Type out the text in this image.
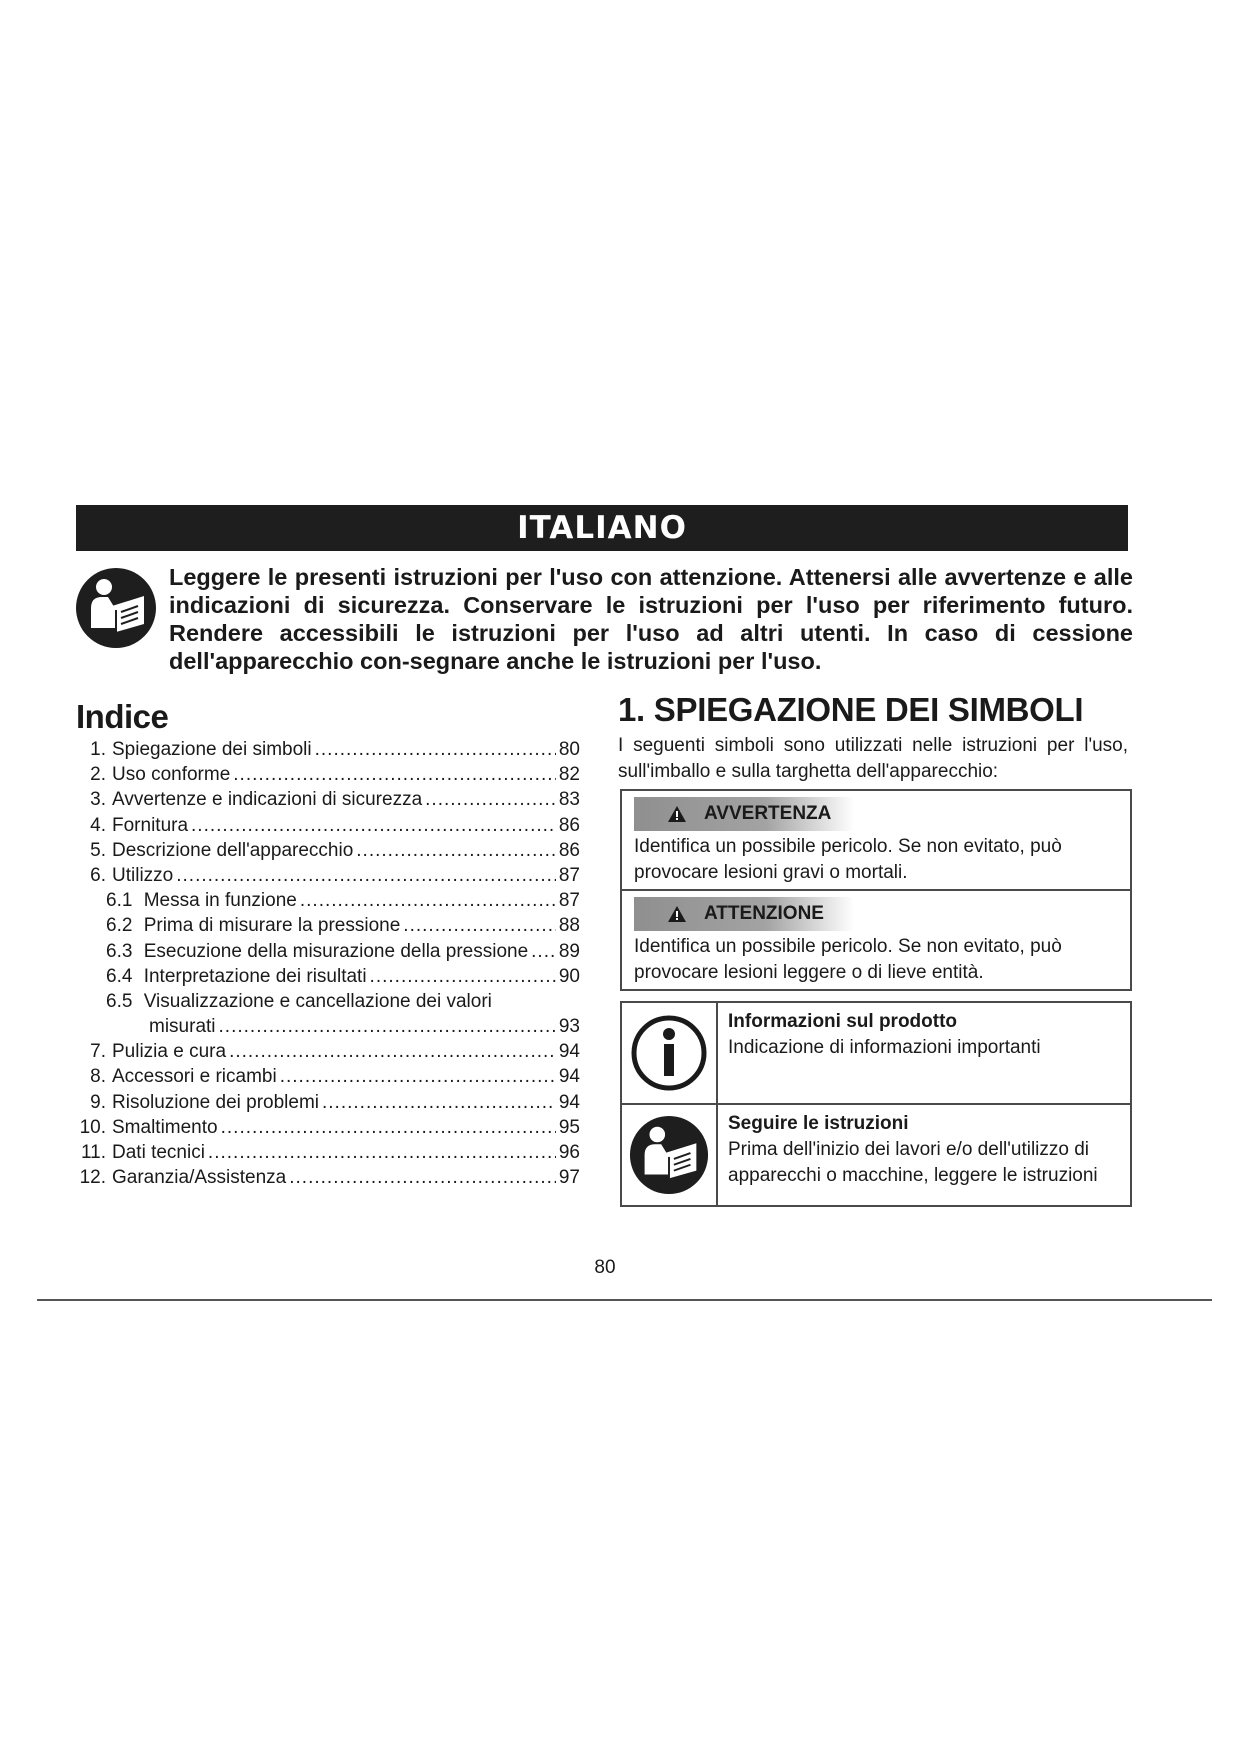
ITALIANO

Leggere le presenti istruzioni per l'uso con attenzione. Attenersi alle avvertenze e alle indicazioni di sicurezza. Conservare le istruzioni per l'uso per riferimento futuro. Rendere accessibili le istruzioni per l'uso ad altri utenti. In caso di cessione dell'apparecchio con-segnare anche le istruzioni per l'uso.

Indice
1. Spiegazione dei simboli .....	80
2. Uso conforme .....	82
3. Avvertenze e indicazioni di sicurezza .....	83
4. Fornitura .....	86
5. Descrizione dell'apparecchio .....	86
6. Utilizzo .....	87
6.1
Messa in funzione .....	87
6.2
Prima di misurare la pressione .....	88
6.3
Esecuzione della misurazione della pressione ..... 89
6.4
Interpretazione dei risultati .....	90
6.5
Visualizzazione e cancellazione dei valori
misurati .....	93
7. Pulizia e cura .....	94
8. Accessori e ricambi .....	94
9. Risoluzione dei problemi .....	94
10. Smaltimento .....	95
11. Dati tecnici .....	96
12. Garanzia/Assistenza .....	97
1. SPIEGAZIONE DEI SIMBOLI

I seguenti simboli sono utilizzati nelle istruzioni per l'uso, sull'imballo e sulla targhetta dell'apparecchio:

AVVERTENZA
Identifica un possibile pericolo. Se non evitato, può provocare lesioni gravi o mortali.
ATTENZIONE
Identifica un possibile pericolo. Se non evitato, può provocare lesioni leggere o di lieve entità.
Informazioni sul prodotto
Indicazione di informazioni importanti
Seguire le istruzioni
Prima dell'inizio dei lavori e/o dell'utilizzo di apparecchi o macchine, leggere le istruzioni
80
